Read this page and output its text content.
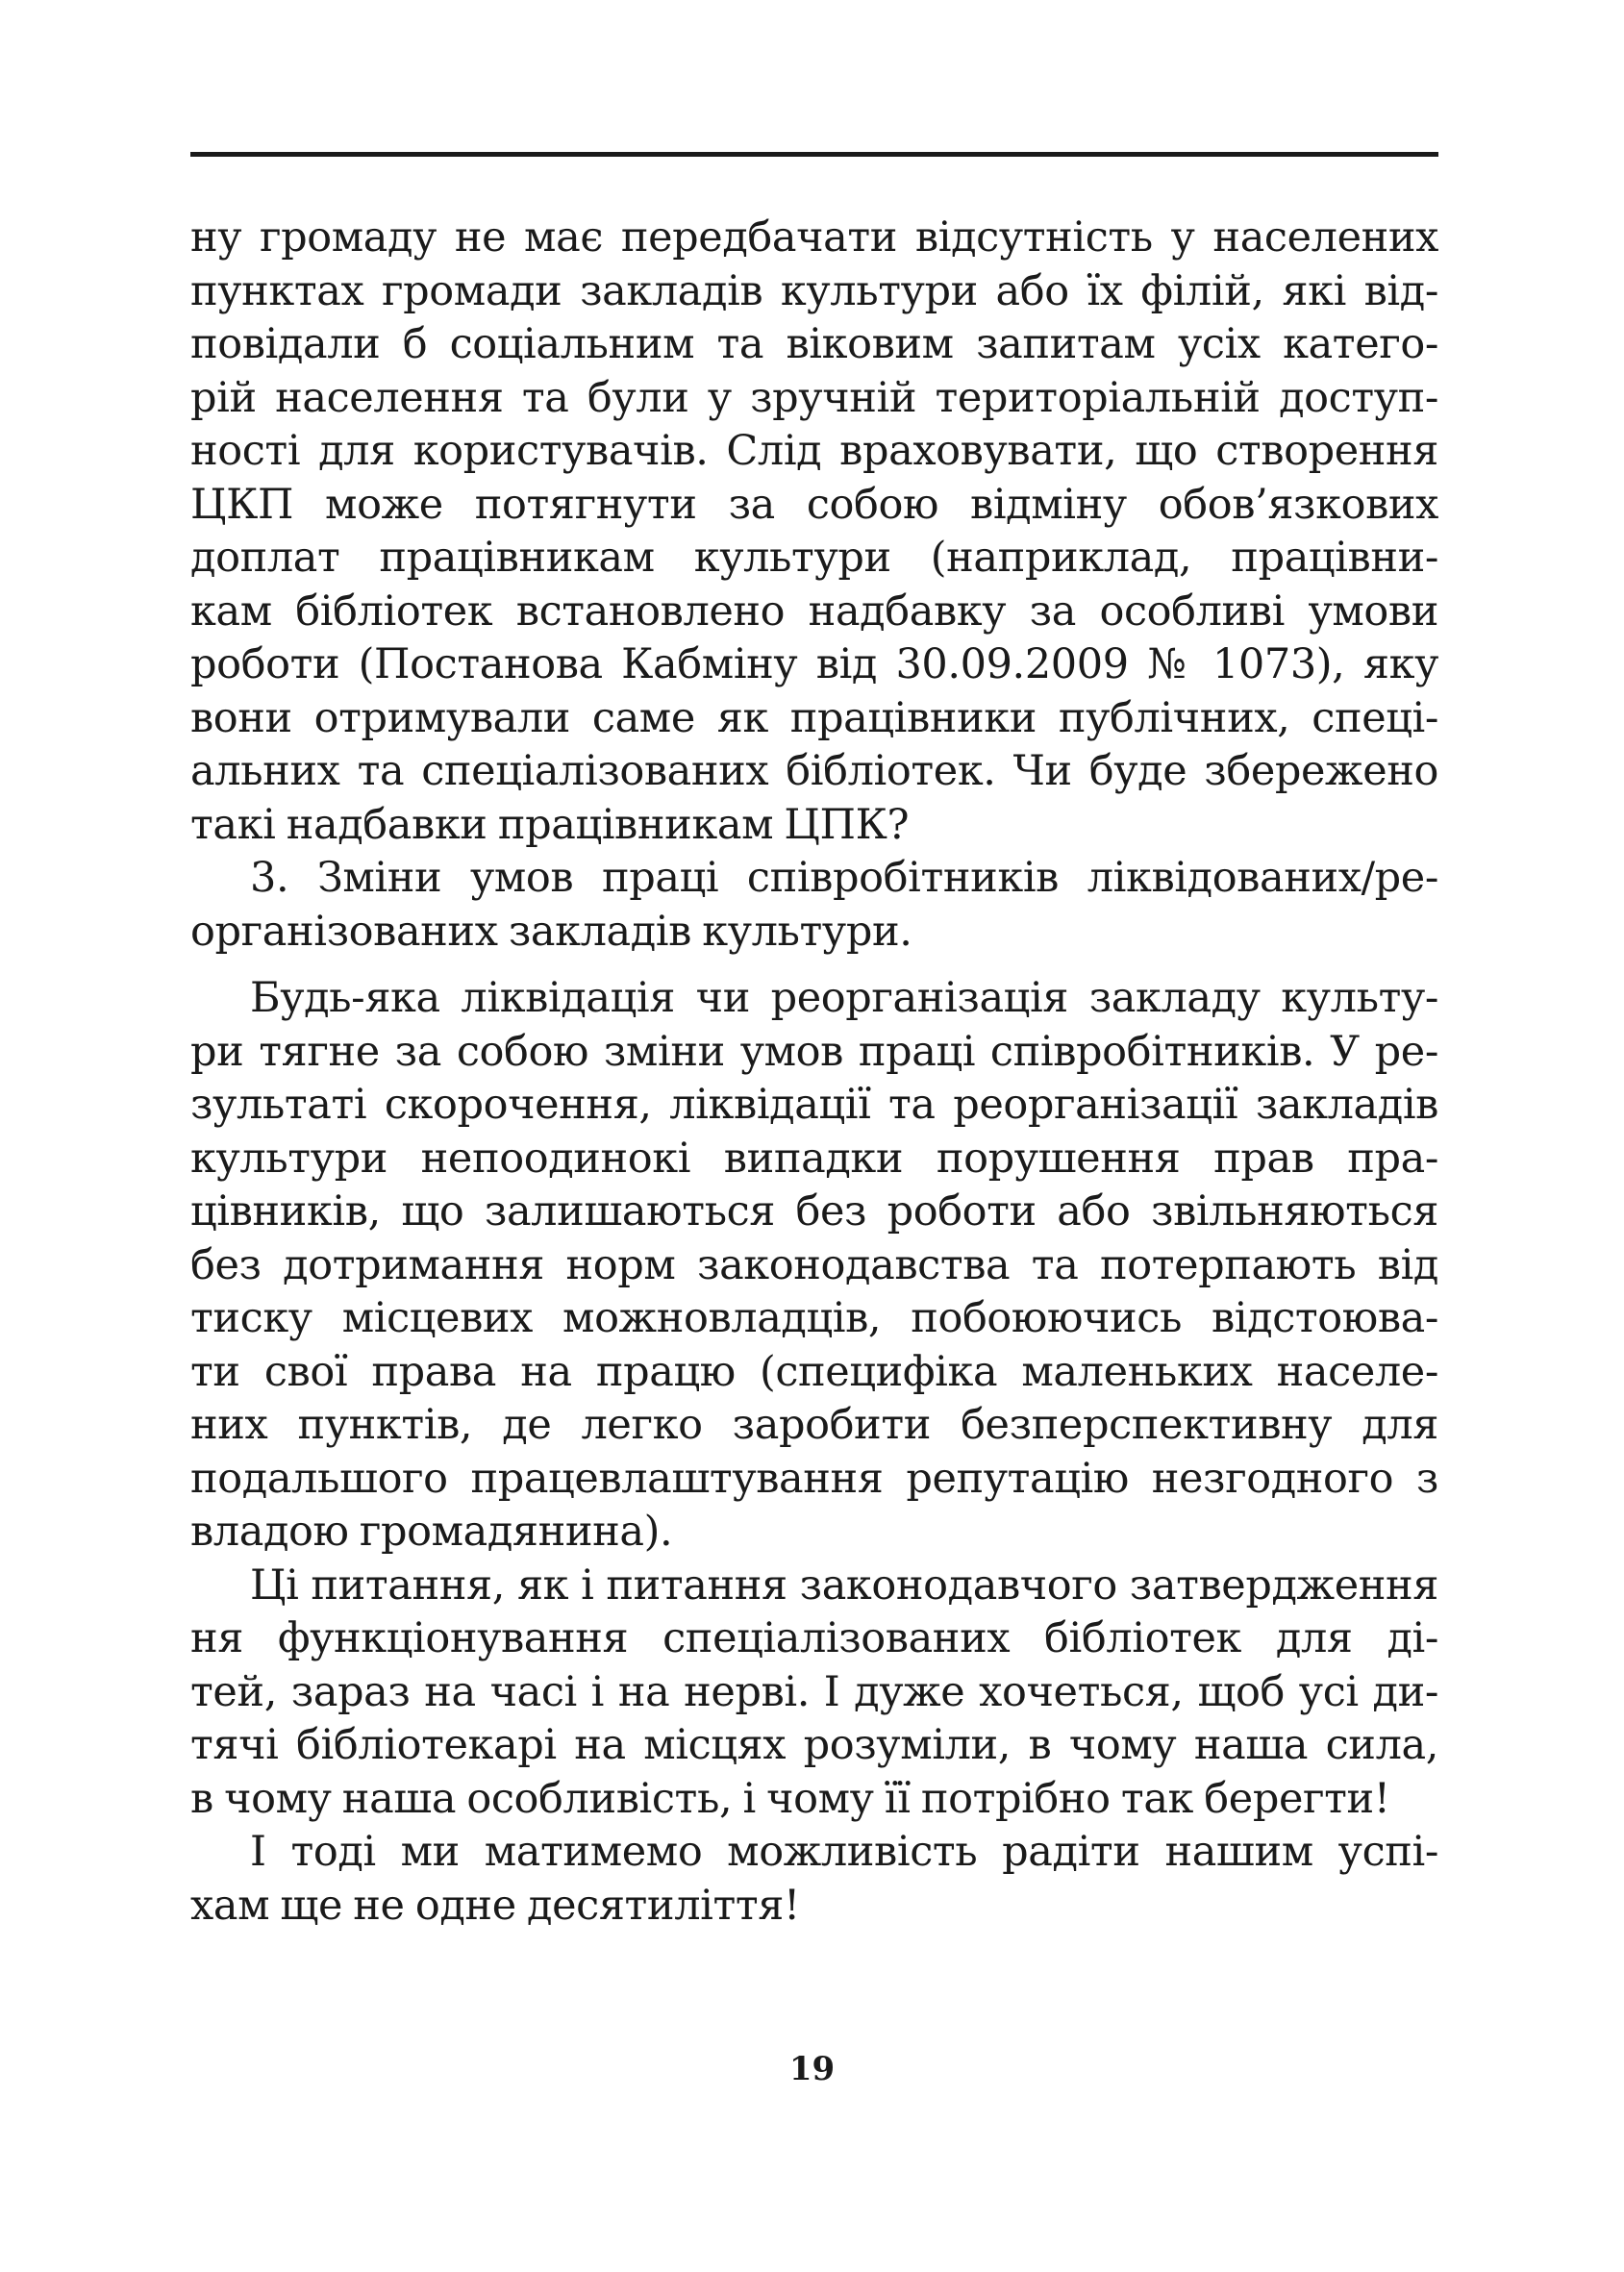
ну громаду не має передбачати відсутність у населених
пунктах громади закладів культури або їх філій, які від-
повідали б соціальним та віковим запитам усіх катего-
рій населення та були у зручній територіальній доступ-
ності для користувачів. Слід враховувати, що створення
ЦКП може потягнути за собою відміну обов’язкових
доплат працівникам культури (наприклад, працівни-
кам бібліотек встановлено надбавку за особливі умови
роботи (Постанова Кабміну від 30.09.2009 № 1073), яку
вони отримували саме як працівники публічних, спеці-
альних та спеціалізованих бібліотек. Чи буде збережено
такі надбавки працівникам ЦПК?
3. Зміни умов праці співробітників ліквідованих/ре-
організованих закладів культури.
Будь-яка ліквідація чи реорганізація закладу культу-
ри тягне за собою зміни умов праці співробітників. У ре-
зультаті скорочення, ліквідації та реорганізації закладів
культури непоодинокі випадки порушення прав пра-
цівників, що залишаються без роботи або звільняються
без дотримання норм законодавства та потерпають від
тиску місцевих можновладців, побоюючись відстоюва-
ти свої права на працю (специфіка маленьких населе-
них пунктів, де легко заробити безперспективну для
подальшого працевлаштування репутацію незгодного з
владою громадянина).
Ці питання, як і питання законодавчого затвердження
ня функціонування спеціалізованих бібліотек для ді-
тей, зараз на часі і на нерві. І дуже хочеться, щоб усі ди-
тячі бібліотекарі на місцях розуміли, в чому наша сила,
в чому наша особливість, і чому її потрібно так берегти!
І тоді ми матимемо можливість радіти нашим успі-
хам ще не одне десятиліття!
19
